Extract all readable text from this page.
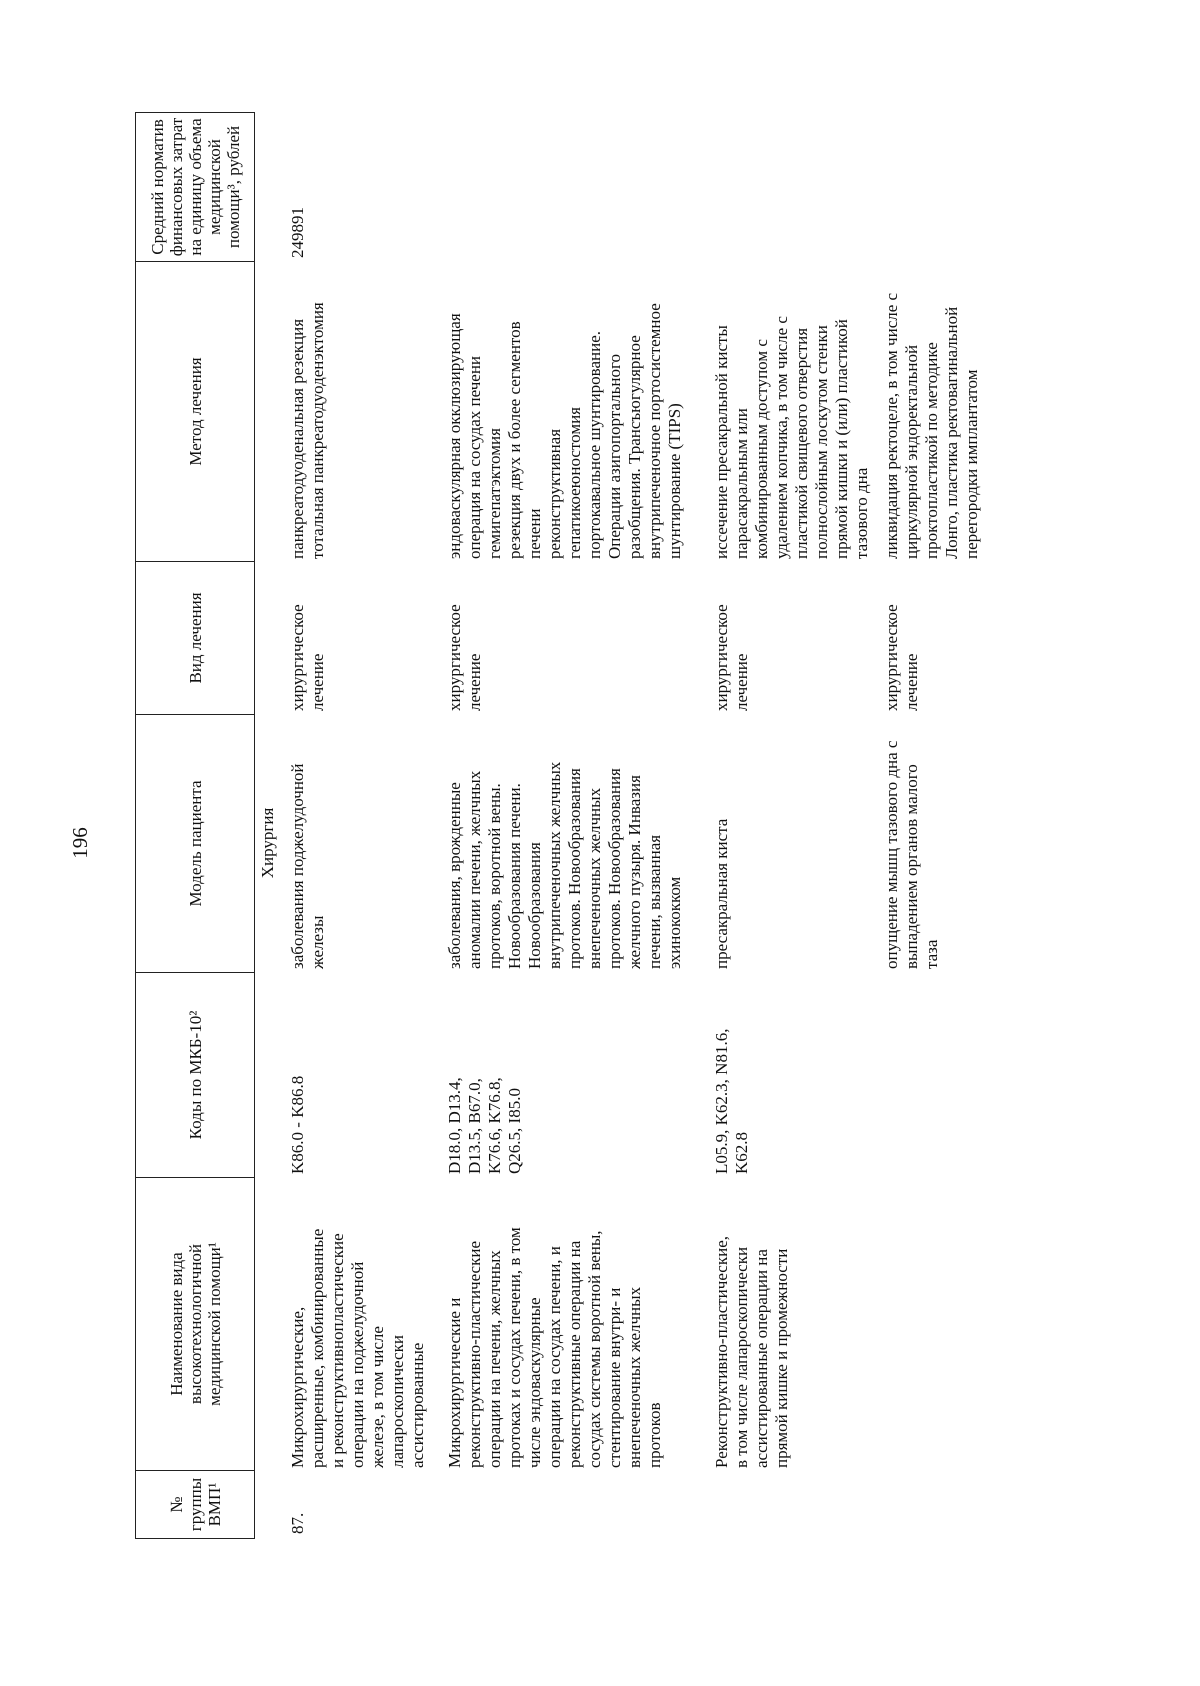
196
№ группы ВМП¹
Наименование вида
высокотехнологичной
медицинской помощи¹
Коды по МКБ-10²
Модель пациента
Вид лечения
Метод лечения
Средний норматив
финансовых затрат
на единицу объема
медицинской
помощи³, рублей
Хирургия
87.
Микрохирургические,
расширенные, комбинированные
и реконструктивнопластические
операции на поджелудочной
железе, в том числе
лапароскопически
ассистированные
K86.0 - K86.8
заболевания поджелудочной
железы
хирургическое
лечение
панкреатодуоденальная резекция
тотальная панкреатодуоденэктомия
249891
Микрохирургические и
реконструктивно-пластические
операции на печени, желчных
протоках и сосудах печени, в том
числе эндоваскулярные
операции на сосудах печени, и
реконструктивные операции на
сосудах системы воротной вены,
стентирование внутри- и
внепеченочных желчных
протоков
D18.0, D13.4,
D13.5, B67.0,
K76.6, K76.8,
Q26.5, I85.0
заболевания, врожденные
аномалии печени, желчных
протоков, воротной вены.
Новообразования печени.
Новообразования
внутрипеченочных желчных
протоков. Новообразования
внепеченочных желчных
протоков. Новообразования
желчного пузыря. Инвазия
печени, вызванная
эхинококком
хирургическое
лечение
эндоваскулярная окклюзирующая
операция на сосудах печени
гемигепатэктомия
резекция двух и более сегментов
печени
реконструктивная
гепатикоеюностомия
портокавальное шунтирование.
Операции азигопортального
разобщения. Трансъюгулярное
внутрипеченочное портосистемное
шунтирование (TIPS)
Реконструктивно-пластические,
в том числе лапароскопически
ассистированные операции на
прямой кишке и промежности
L05.9, K62.3, N81.6,
K62.8
пресакральная киста
хирургическое
лечение
иссечение пресакральной кисты
парасакральным или
комбинированным доступом с
удалением копчика, в том числе с
пластикой свищевого отверстия
полнослойным лоскутом стенки
прямой кишки и (или) пластикой
тазового дна
опущение мышц тазового дна с
выпадением органов малого
таза
хирургическое
лечение
ликвидация ректоцеле, в том числе с
циркулярной эндоректальной
проктопластикой по методике
Лонго, пластика ректовагинальной
перегородки имплантатом
